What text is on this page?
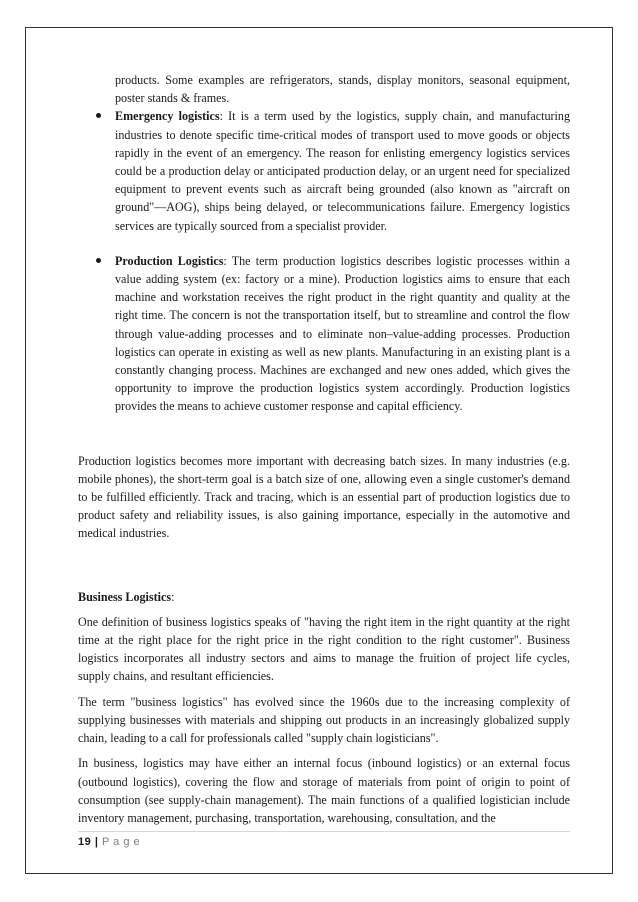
products. Some examples are refrigerators, stands, display monitors, seasonal equipment, poster stands & frames.

Emergency logistics: It is a term used by the logistics, supply chain, and manufacturing industries to denote specific time-critical modes of transport used to move goods or objects rapidly in the event of an emergency. The reason for enlisting emergency logistics services could be a production delay or anticipated production delay, or an urgent need for specialized equipment to prevent events such as aircraft being grounded (also known as "aircraft on ground"—AOG), ships being delayed, or telecommunications failure. Emergency logistics services are typically sourced from a specialist provider.
Production Logistics: The term production logistics describes logistic processes within a value adding system (ex: factory or a mine). Production logistics aims to ensure that each machine and workstation receives the right product in the right quantity and quality at the right time. The concern is not the transportation itself, but to streamline and control the flow through value-adding processes and to eliminate non–value-adding processes. Production logistics can operate in existing as well as new plants. Manufacturing in an existing plant is a constantly changing process. Machines are exchanged and new ones added, which gives the opportunity to improve the production logistics system accordingly. Production logistics provides the means to achieve customer response and capital efficiency.

Production logistics becomes more important with decreasing batch sizes. In many industries (e.g. mobile phones), the short-term goal is a batch size of one, allowing even a single customer's demand to be fulfilled efficiently. Track and tracing, which is an essential part of production logistics due to product safety and reliability issues, is also gaining importance, especially in the automotive and medical industries.

Business Logistics:

One definition of business logistics speaks of "having the right item in the right quantity at the right time at the right place for the right price in the right condition to the right customer". Business logistics incorporates all industry sectors and aims to manage the fruition of project life cycles, supply chains, and resultant efficiencies.

The term "business logistics" has evolved since the 1960s due to the increasing complexity of supplying businesses with materials and shipping out products in an increasingly globalized supply chain, leading to a call for professionals called "supply chain logisticians".

In business, logistics may have either an internal focus (inbound logistics) or an external focus (outbound logistics), covering the flow and storage of materials from point of origin to point of consumption (see supply-chain management). The main functions of a qualified logistician include inventory management, purchasing, transportation, warehousing, consultation, and the

19 | P a g e
